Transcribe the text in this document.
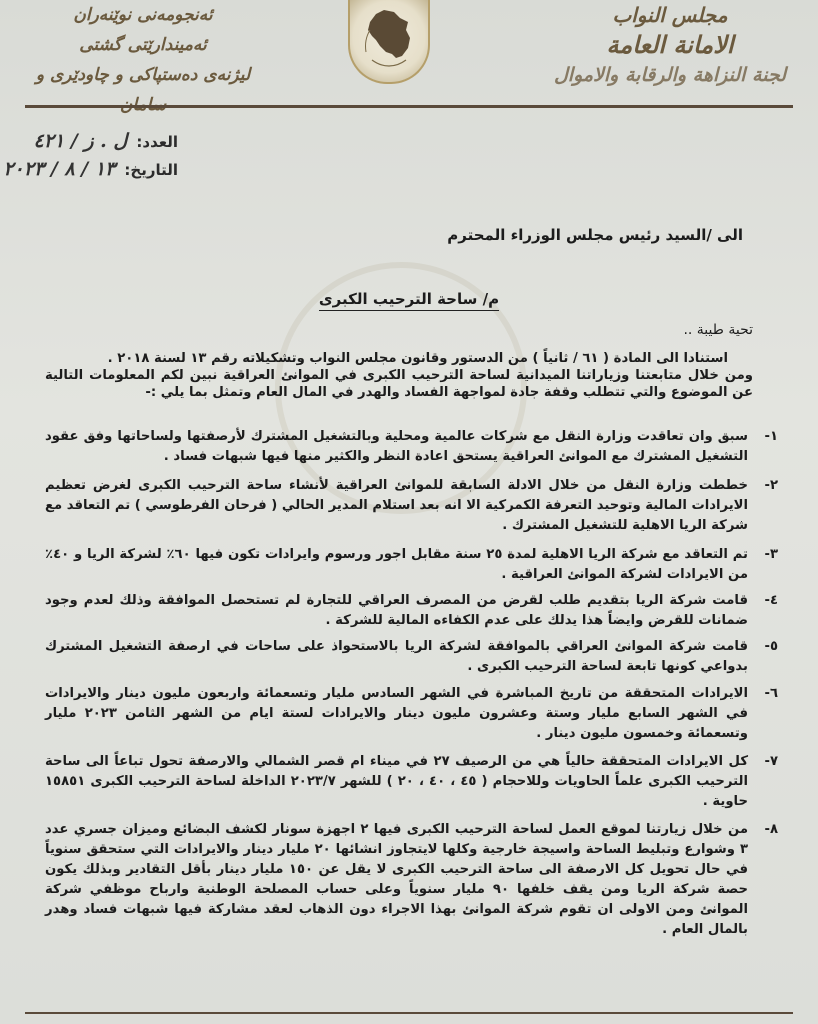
مجلس النواب
الامانة العامة
لجنة النزاهة والرقابة والاموال
ئەنجومەنی نوێنەران
ئەمیندارێتی گشتی
لیژنەی دەستپاکی و چاودێری و
العدد: ل . ز / ٤٢١
التاريخ: ١٣ / ٨ / ٢٠٢٣
الى /السيد رئيس مجلس الوزراء المحترم
م/ ساحة الترحيب الكبرى
تحية طيبة ..

استنادا الى المادة ( ٦١ / ثانياً ) من الدستور وقانون مجلس النواب وتشكيلاته رقم ١٣ لسنة ٢٠١٨ .

ومن خلال متابعتنا وزياراتنا الميدانية لساحة الترحيب الكبرى في الموانئ العراقية نبين لكم المعلومات التالية عن الموضوع والتي تتطلب وقفة جادة لمواجهة الفساد والهدر في المال العام وتمثل بما يلي :-

١-
سبق وان تعاقدت وزارة النقل مع شركات عالمية ومحلية وبالتشغيل المشترك لأرصفتها ولساحاتها وفق عقود التشغيل المشترك مع الموانئ العراقية يستحق اعادة النظر والكثير منها فيها شبهات فساد .
٢-
خططت وزارة النقل من خلال الادلة السابقة للموانئ العراقية لأنشاء ساحة الترحيب الكبرى لغرض تعظيم الايرادات المالية وتوحيد التعرفة الكمركية الا انه بعد استلام المدير الحالي ( فرحان الفرطوسي ) تم التعاقد مع شركة الريا الاهلية للتشغيل المشترك .
٣-
تم التعاقد مع شركة الريا الاهلية لمدة ٢٥ سنة مقابل اجور ورسوم وايرادات تكون فيها ٦٠٪ لشركة الريا و ٤٠٪ من الايرادات لشركة الموانئ العراقية .
٤-
قامت شركة الريا بتقديم طلب لقرض من المصرف العراقي للتجارة لم تستحصل الموافقة وذلك لعدم وجود ضمانات للقرض وايضاً هذا يدلك على عدم الكفاءه المالية للشركة .
٥-
قامت شركة الموانئ العراقي بالموافقة لشركة الريا بالاستحواذ على ساحات في ارصفة التشغيل المشترك بدواعي كونها تابعة لساحة الترحيب الكبرى .
٦-
الايرادات المتحققة من تاريخ المباشرة في الشهر السادس مليار وتسعمائة واربعون مليون دينار والايرادات في الشهر السابع مليار وستة وعشرون مليون دينار والايرادات لستة ايام من الشهر الثامن ٢٠٢٣ مليار وتسعمائة وخمسون مليون دينار .
٧-
كل الايرادات المتحققة حالياً هي من الرصيف ٢٧ في ميناء ام قصر الشمالي والارصفة تحول تباعاً الى ساحة الترحيب الكبرى علماً الحاويات وللاحجام ( ٤٥ ، ٤٠ ، ٢٠ ) للشهر ٢٠٢٣/٧ الداخلة لساحة الترحيب الكبرى ١٥٨٥١ حاوية .
٨-
من خلال زيارتنا لموقع العمل لساحة الترحيب الكبرى فيها ٢ اجهزة سونار لكشف البضائع وميزان جسري عدد ٣ وشوارع وتبليط الساحة واسيجة خارجية وكلها لايتجاوز انشائها ٢٠ مليار دينار والايرادات التي ستحقق سنوياً في حال تحويل كل الارصفة الى ساحة الترحيب الكبرى لا يقل عن ١٥٠ مليار دينار بأقل التقادير وبذلك يكون حصة شركة الريا ومن يقف خلفها ٩٠ مليار سنوياً وعلى حساب المصلحة الوطنية وارباح موظفي شركة الموانئ ومن الاولى ان تقوم شركة الموانئ بهذا الاجراء دون الذهاب لعقد مشاركة فيها شبهات فساد وهدر بالمال العام .
